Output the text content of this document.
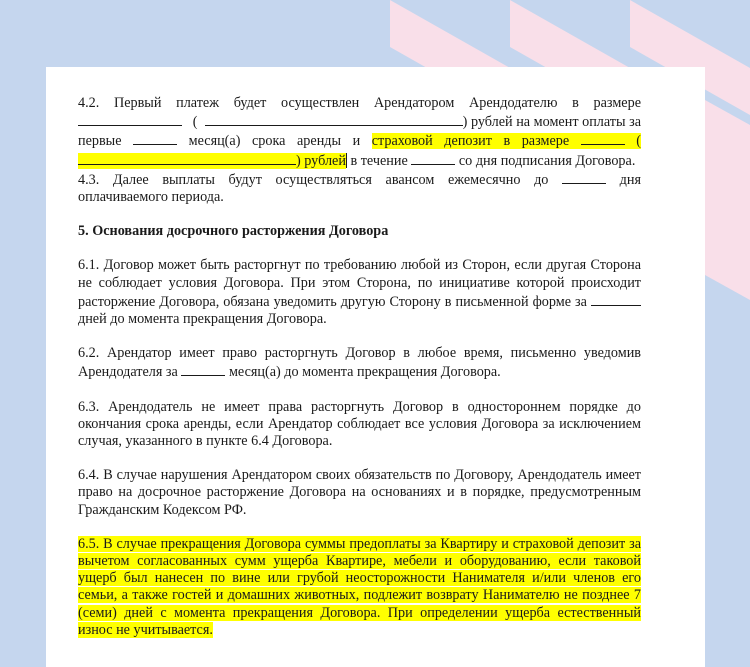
4.2. Первый платеж будет осуществлен Арендатором Арендодателю в размере    (	) рублей на момент оплаты за первые	месяц(а) срока аренды и страховой депозит в размере	() рублей в течение	со дня подписания Договора.

4.3. Далее выплаты будут осуществляться авансом ежемесячно до	дня оплачиваемого периода.

5. Основания досрочного расторжения Договора

6.1. Договор может быть расторгнут по требованию любой из Сторон, если другая Сторона не соблюдает условия Договора. При этом Сторона, по инициативе которой происходит расторжение Договора, обязана уведомить другую Сторону в письменной форме за  дней до момента прекращения Договора.

6.2. Арендатор имеет право расторгнуть Договор в любое время, письменно уведомив Арендодателя за	месяц(а) до момента прекращения Договора.

6.3. Арендодатель не имеет права расторгнуть Договор в одностороннем порядке до окончания срока аренды, если Арендатор соблюдает все условия Договора за исключением случая, указанного в пункте 6.4 Договора.

6.4. В случае нарушения Арендатором своих обязательств по Договору, Арендодатель имеет право на досрочное расторжение Договора на основаниях и в порядке, предусмотренным Гражданским Кодексом РФ.

6.5. В случае прекращения Договора суммы предоплаты за Квартиру и страховой депозит за вычетом согласованных сумм ущерба Квартире, мебели и оборудованию, если таковой ущерб был нанесен по вине или грубой неосторожности Нанимателя и/или членов его семьи, а также гостей и домашних животных, подлежит возврату Нанимателю не позднее 7 (семи) дней с момента прекращения Договора. При определении ущерба естественный износ не учитывается.
